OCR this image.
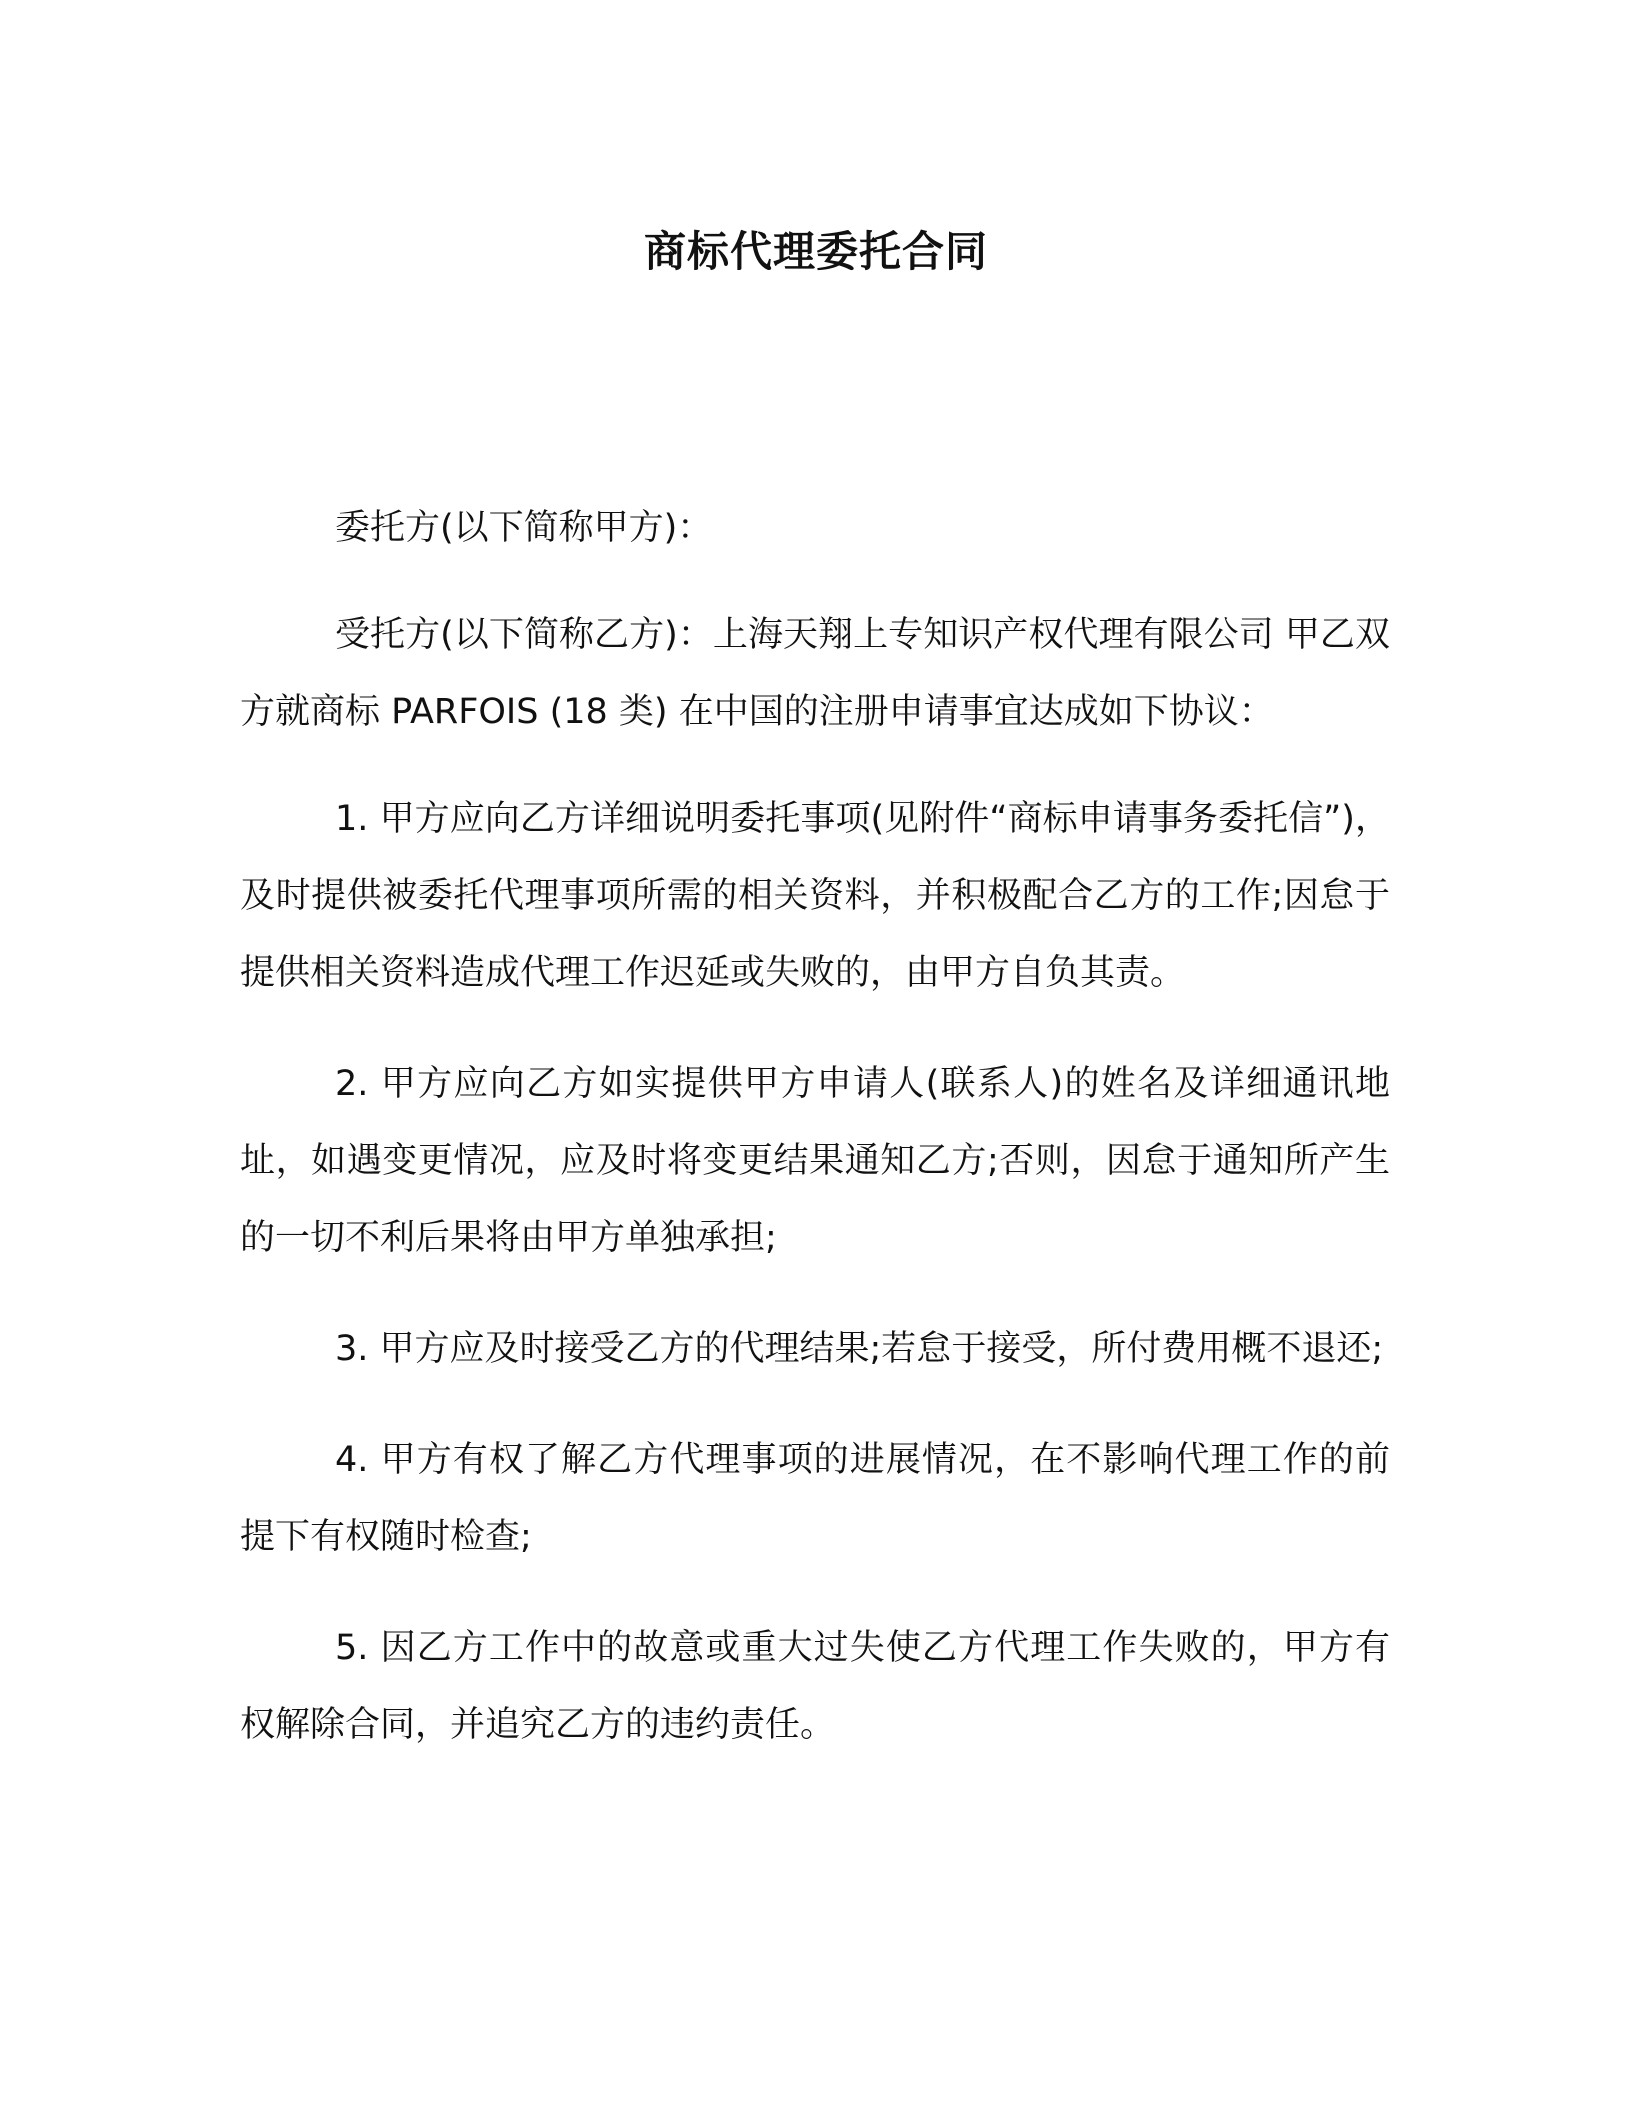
商标代理委托合同

委托方(以下简称甲方)：

受托方(以下简称乙方)：上海天翔上专知识产权代理有限公司 甲乙双方就商标 PARFOIS (18 类) 在中国的注册申请事宜达成如下协议：

1. 甲方应向乙方详细说明委托事项(见附件“商标申请事务委托信”)，及时提供被委托代理事项所需的相关资料，并积极配合乙方的工作;因怠于提供相关资料造成代理工作迟延或失败的，由甲方自负其责。

2. 甲方应向乙方如实提供甲方申请人(联系人)的姓名及详细通讯地址，如遇变更情况，应及时将变更结果通知乙方;否则，因怠于通知所产生的一切不利后果将由甲方单独承担;

3. 甲方应及时接受乙方的代理结果;若怠于接受，所付费用概不退还;

4. 甲方有权了解乙方代理事项的进展情况，在不影响代理工作的前提下有权随时检查;

5. 因乙方工作中的故意或重大过失使乙方代理工作失败的，甲方有权解除合同，并追究乙方的违约责任。
